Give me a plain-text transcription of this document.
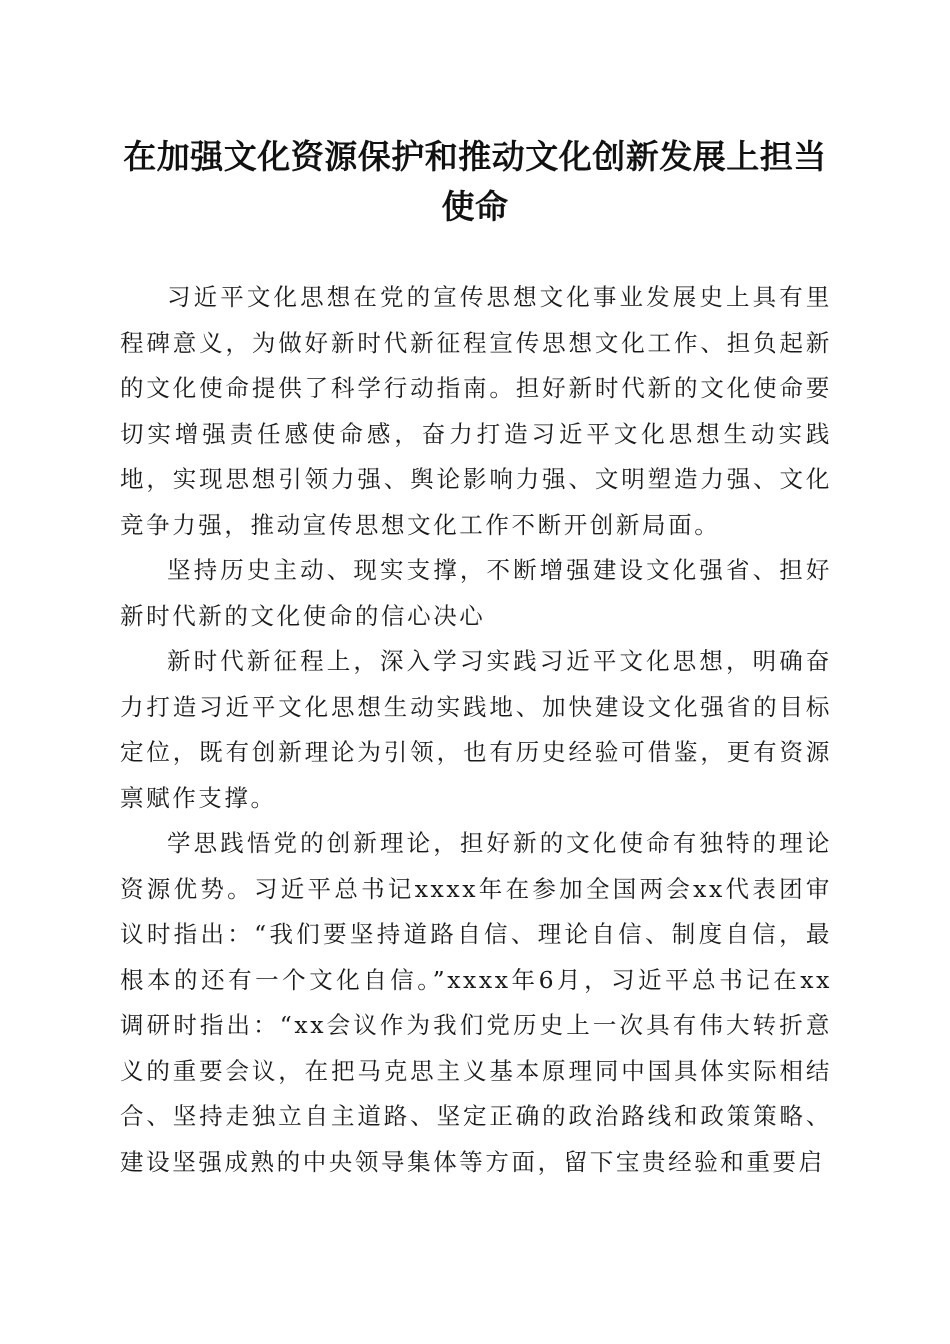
在加强文化资源保护和推动文化创新发展上担当使命

习近平文化思想在党的宣传思想文化事业发展史上具有里程碑意义，为做好新时代新征程宣传思想文化工作、担负起新的文化使命提供了科学行动指南。担好新时代新的文化使命要切实增强责任感使命感，奋力打造习近平文化思想生动实践地，实现思想引领力强、舆论影响力强、文明塑造力强、文化竞争力强，推动宣传思想文化工作不断开创新局面。

坚持历史主动、现实支撑，不断增强建设文化强省、担好新时代新的文化使命的信心决心

新时代新征程上，深入学习实践习近平文化思想，明确奋力打造习近平文化思想生动实践地、加快建设文化强省的目标定位，既有创新理论为引领，也有历史经验可借鉴，更有资源禀赋作支撑。

学思践悟党的创新理论，担好新的文化使命有独特的理论资源优势。习近平总书记xxxx年在参加全国两会xx代表团审议时指出：“我们要坚持道路自信、理论自信、制度自信，最根本的还有一个文化自信。”xxxx年6月，习近平总书记在xx调研时指出：“xx会议作为我们党历史上一次具有伟大转折意义的重要会议，在把马克思主义基本原理同中国具体实际相结合、坚持走独立自主道路、坚定正确的政治路线和政策策略、建设坚强成熟的中央领导集体等方面，留下宝贵经验和重要启
